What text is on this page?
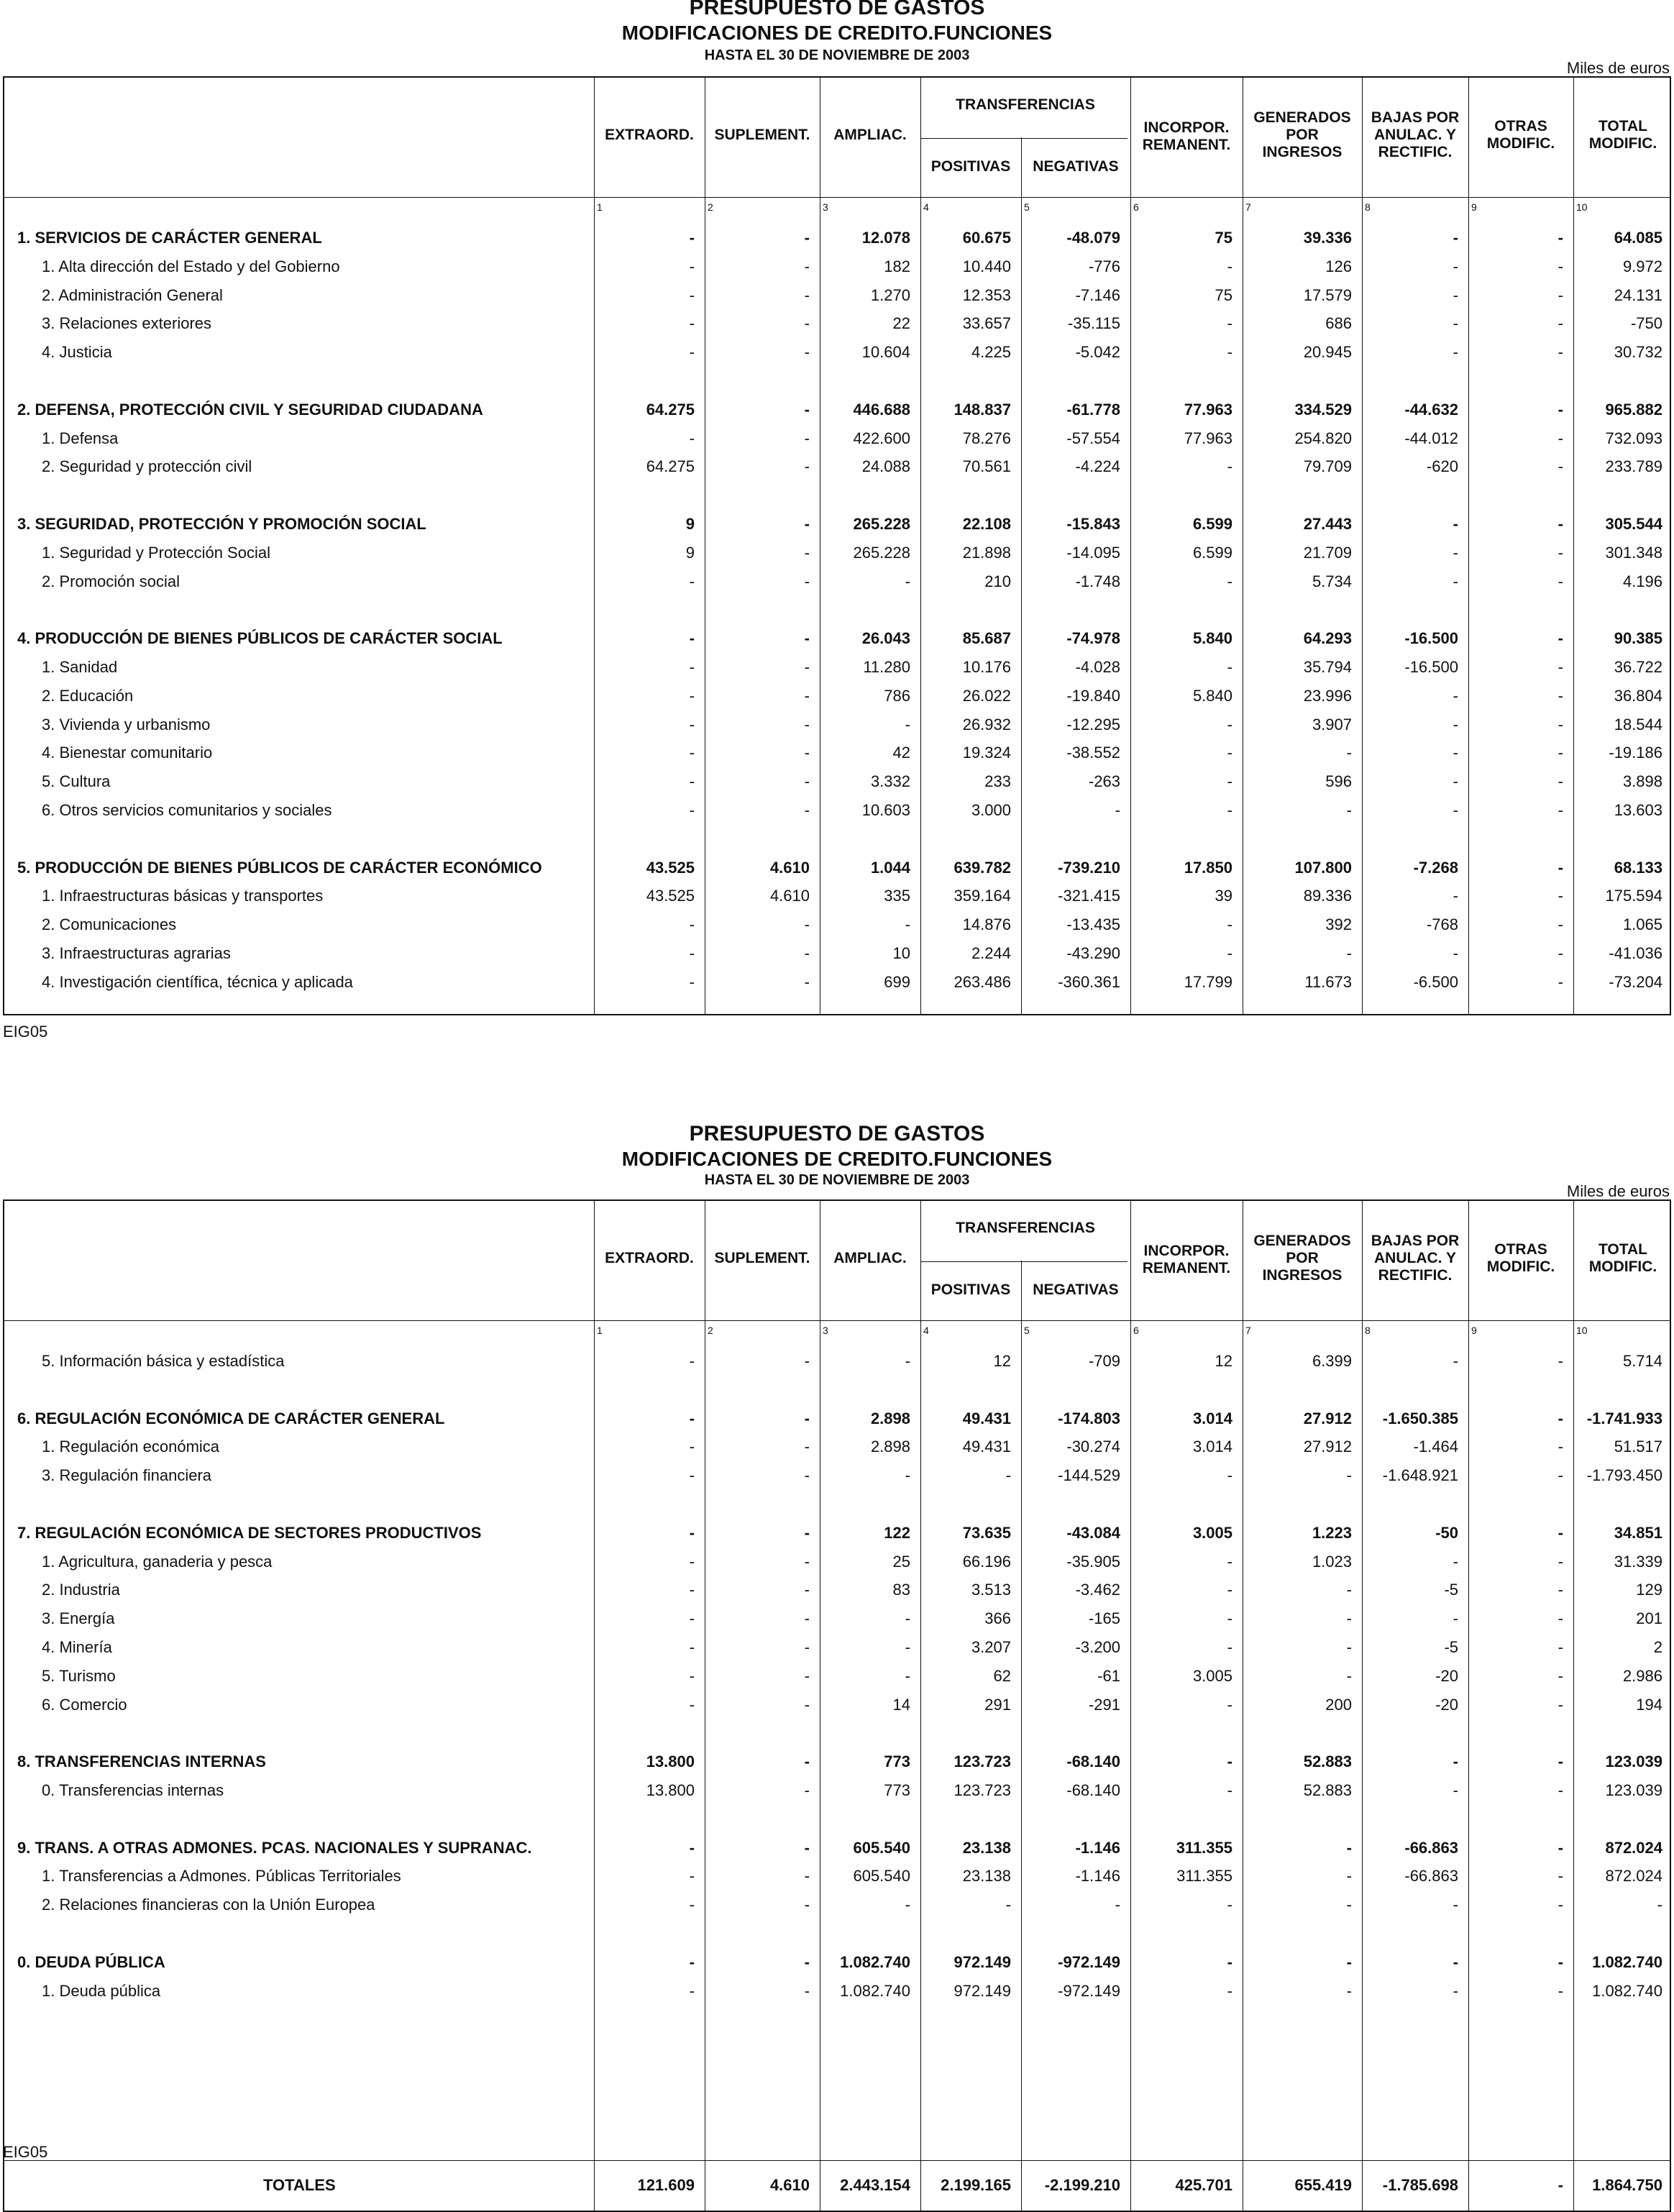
PRESUPUESTO DE GASTOS
MODIFICACIONES DE CREDITO.FUNCIONES
HASTA EL 30 DE NOVIEMBRE DE 2003
Miles de euros
EXTRAORD.	SUPLEMENT.	AMPLIAC.
TRANSFERENCIAS
POSITIVAS	NEGATIVAS
INCORPOR.
REMANENT.
GENERADOS
POR
INGRESOS
BAJAS POR
ANULAC. Y
RECTIFIC.
OTRAS
MODIFIC.
TOTAL
MODIFIC.
1	2	3	4	5	6	7	8	9	10
1. SERVICIOS DE CARÁCTER GENERAL	-	-	12.078	60.675	-48.079	75	39.336	-	-	64.085
1. Alta dirección del Estado y del Gobierno	-	-	182	10.440	-776	-	126	-	-	9.972
2. Administración General	-	-	1.270	12.353	-7.146	75	17.579	-	-	24.131
3. Relaciones exteriores	-	-	22	33.657	-35.115	-	686	-	-	-750
4. Justicia	-	-	10.604	4.225	-5.042	-	20.945	-	-	30.732
2. DEFENSA, PROTECCIÓN CIVIL Y SEGURIDAD CIUDADANA	64.275	-	446.688	148.837	-61.778	77.963	334.529	-44.632	-	965.882
1. Defensa	-	-	422.600	78.276	-57.554	77.963	254.820	-44.012	-	732.093
2. Seguridad y protección civil	64.275	-	24.088	70.561	-4.224	-	79.709	-620	-	233.789
3. SEGURIDAD, PROTECCIÓN Y PROMOCIÓN SOCIAL	9	-	265.228	22.108	-15.843	6.599	27.443	-	-	305.544
1. Seguridad y Protección Social	9	-	265.228	21.898	-14.095	6.599	21.709	-	-	301.348
2. Promoción social	-	-	-	210	-1.748	-	5.734	-	-	4.196
4. PRODUCCIÓN DE BIENES PÚBLICOS DE CARÁCTER SOCIAL	-	-	26.043	85.687	-74.978	5.840	64.293	-16.500	-	90.385
1. Sanidad	-	-	11.280	10.176	-4.028	-	35.794	-16.500	-	36.722
2. Educación	-	-	786	26.022	-19.840	5.840	23.996	-	-	36.804
3. Vivienda y urbanismo	-	-	-	26.932	-12.295	-	3.907	-	-	18.544
4. Bienestar comunitario	-	-	42	19.324	-38.552	-	-	-	-	-19.186
5. Cultura	-	-	3.332	233	-263	-	596	-	-	3.898
6. Otros servicios comunitarios y sociales	-	-	10.603	3.000	-	-	-	-	-	13.603
5. PRODUCCIÓN DE BIENES PÚBLICOS DE CARÁCTER ECONÓMICO	43.525	4.610	1.044	639.782	-739.210	17.850	107.800	-7.268	-	68.133
1. Infraestructuras básicas y transportes	43.525	4.610	335	359.164	-321.415	39	89.336	-	-	175.594
2. Comunicaciones	-	-	-	14.876	-13.435	-	392	-768	-	1.065
3. Infraestructuras agrarias	-	-	10	2.244	-43.290	-	-	-	-	-41.036
4. Investigación científica, técnica y aplicada	-	-	699	263.486	-360.361	17.799	11.673	-6.500	-	-73.204
EIG05
PRESUPUESTO DE GASTOS
MODIFICACIONES DE CREDITO.FUNCIONES
HASTA EL 30 DE NOVIEMBRE DE 2003
Miles de euros
EXTRAORD.	SUPLEMENT.	AMPLIAC.
TRANSFERENCIAS
POSITIVAS	NEGATIVAS
INCORPOR.
REMANENT.
GENERADOS
POR
INGRESOS
BAJAS POR
ANULAC. Y
RECTIFIC.
OTRAS
MODIFIC.
TOTAL
MODIFIC.
1	2	3	4	5	6	7	8	9	10
5. Información básica y estadística	-	-	-	12	-709	12	6.399	-	-	5.714
6. REGULACIÓN ECONÓMICA DE CARÁCTER GENERAL	-	-	2.898	49.431	-174.803	3.014	27.912	-1.650.385	-	-1.741.933
1. Regulación económica	-	-	2.898	49.431	-30.274	3.014	27.912	-1.464	-	51.517
3. Regulación financiera	-	-	-	-	-144.529	-	-	-1.648.921	-	-1.793.450
7. REGULACIÓN ECONÓMICA DE SECTORES PRODUCTIVOS	-	-	122	73.635	-43.084	3.005	1.223	-50	-	34.851
1. Agricultura, ganaderia y pesca	-	-	25	66.196	-35.905	-	1.023	-	-	31.339
2. Industria	-	-	83	3.513	-3.462	-	-	-5	-	129
3. Energía	-	-	-	366	-165	-	-	-	-	201
4. Minería	-	-	-	3.207	-3.200	-	-	-5	-	2
5. Turismo	-	-	-	62	-61	3.005	-	-20	-	2.986
6. Comercio	-	-	14	291	-291	-	200	-20	-	194
8. TRANSFERENCIAS INTERNAS	13.800	-	773	123.723	-68.140	-	52.883	-	-	123.039
0. Transferencias internas	13.800	-	773	123.723	-68.140	-	52.883	-	-	123.039
9. TRANS. A OTRAS ADMONES. PCAS. NACIONALES Y SUPRANAC.	-	-	605.540	23.138	-1.146	311.355	-	-66.863	-	872.024
1. Transferencias a Admones. Públicas Territoriales	-	-	605.540	23.138	-1.146	311.355	-	-66.863	-	872.024
2. Relaciones financieras con la Unión Europea	-	-	-	-	-	-	-	-	-	-
0. DEUDA PÚBLICA	-	-	1.082.740	972.149	-972.149	-	-	-	-	1.082.740
1. Deuda pública	-	-	1.082.740	972.149	-972.149	-	-	-	-	1.082.740
TOTALES	121.609	4.610	2.443.154	2.199.165	-2.199.210	425.701	655.419	-1.785.698	-	1.864.750
EIG05
